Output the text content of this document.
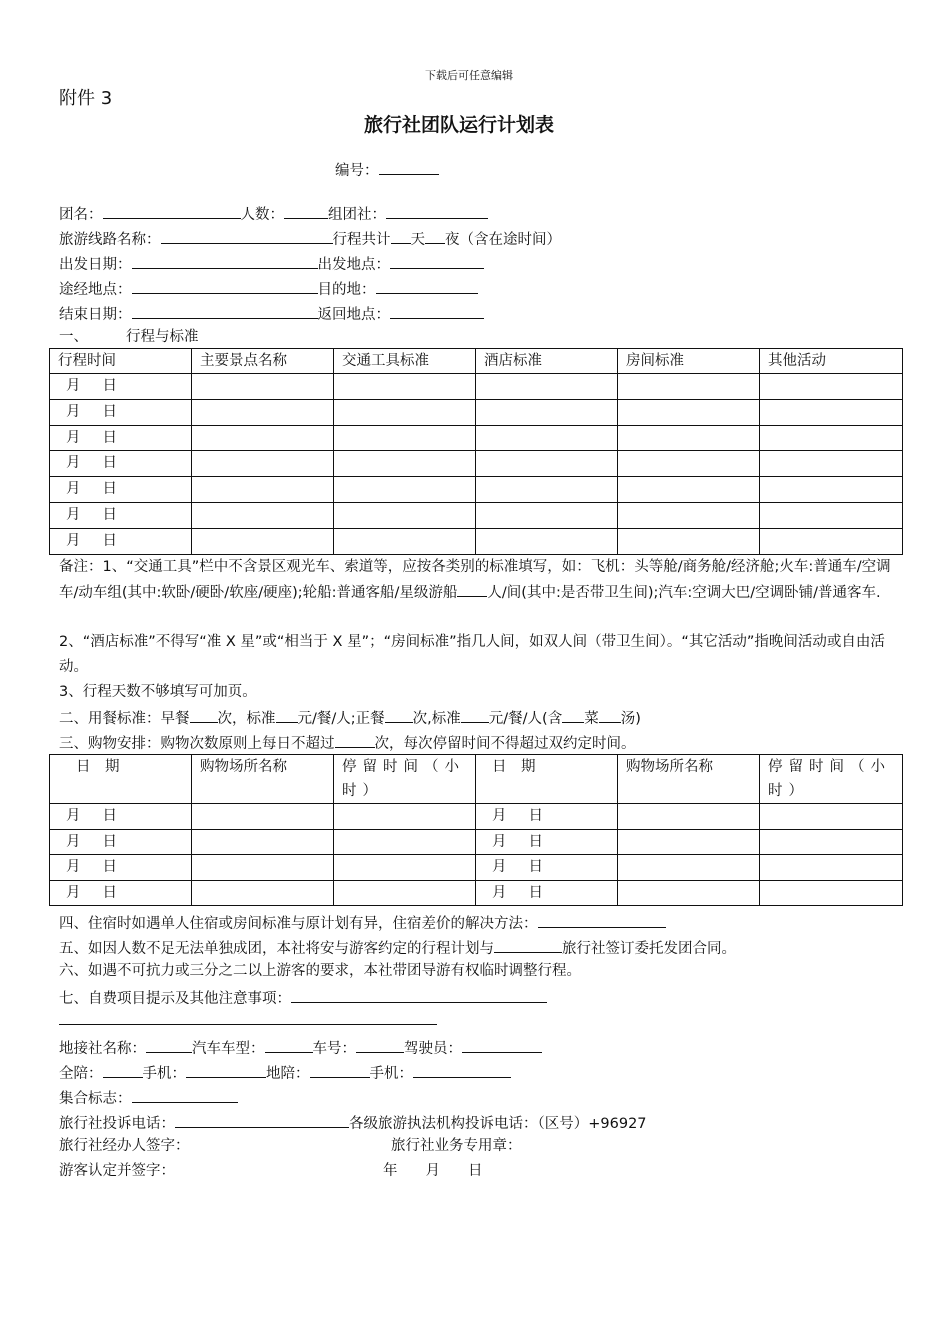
下载后可任意编辑
附件 3
旅行社团队运行计划表
编号：
团名：	人数：	组团社：
旅游线路名称：	行程共计 天 夜（含在途时间）
出发日期：	出发地点：
途经地点：	目的地：
结束日期：	返回地点：
一、	行程与标准
行程时间	主要景点名称	交通工具标准	酒店标准	房间标准	其他活动
月 日					
月 日					
月 日					
月 日					
月 日					
月 日					
月 日					
备注：1、“交通工具”栏中不含景区观光车、索道等，应按各类别的标准填写，如：飞机：头等舱/商务舱/经济舱;火车:普通车/空调车/动车组(其中:软卧/硬卧/软座/硬座);轮船:普通客船/星级游船 人/间(其中:是否带卫生间);汽车:空调大巴/空调卧铺/普通客车.
2、“酒店标准”不得写“准 X 星”或“相当于 X 星”；“房间标准”指几人间，如双人间（带卫生间）。“其它活动”指晚间活动或自由活动。
3、行程天数不够填写可加页。
二、用餐标准：早餐 次，标准 元/餐/人;正餐 次,标准 元/餐/人(含 菜 汤)
三、购物安排：购物次数原则上每日不超过	次，每次停留时间不得超过双约定时间。
日　期	购物场所名称	停留时间（小时）	日　期	购物场所名称	停留时间（小时）
月 日			月 日		
月 日			月 日		
月 日			月 日		
月 日			月 日		
四、住宿时如遇单人住宿或房间标准与原计划有异，住宿差价的解决方法：
五、如因人数不足无法单独成团，本社将安与游客约定的行程计划与	旅行社签订委托发团合同。
六、如遇不可抗力或三分之二以上游客的要求，本社带团导游有权临时调整行程。
七、自费项目提示及其他注意事项：
地接社名称：	汽车车型：	车号：	驾驶员：
全陪：	手机：	地陪：	手机：
集合标志：
旅行社投诉电话：	各级旅游执法机构投诉电话：（区号）+96927
旅行社经办人签字：	旅行社业务专用章：
游客认定并签字：	年 月 日
